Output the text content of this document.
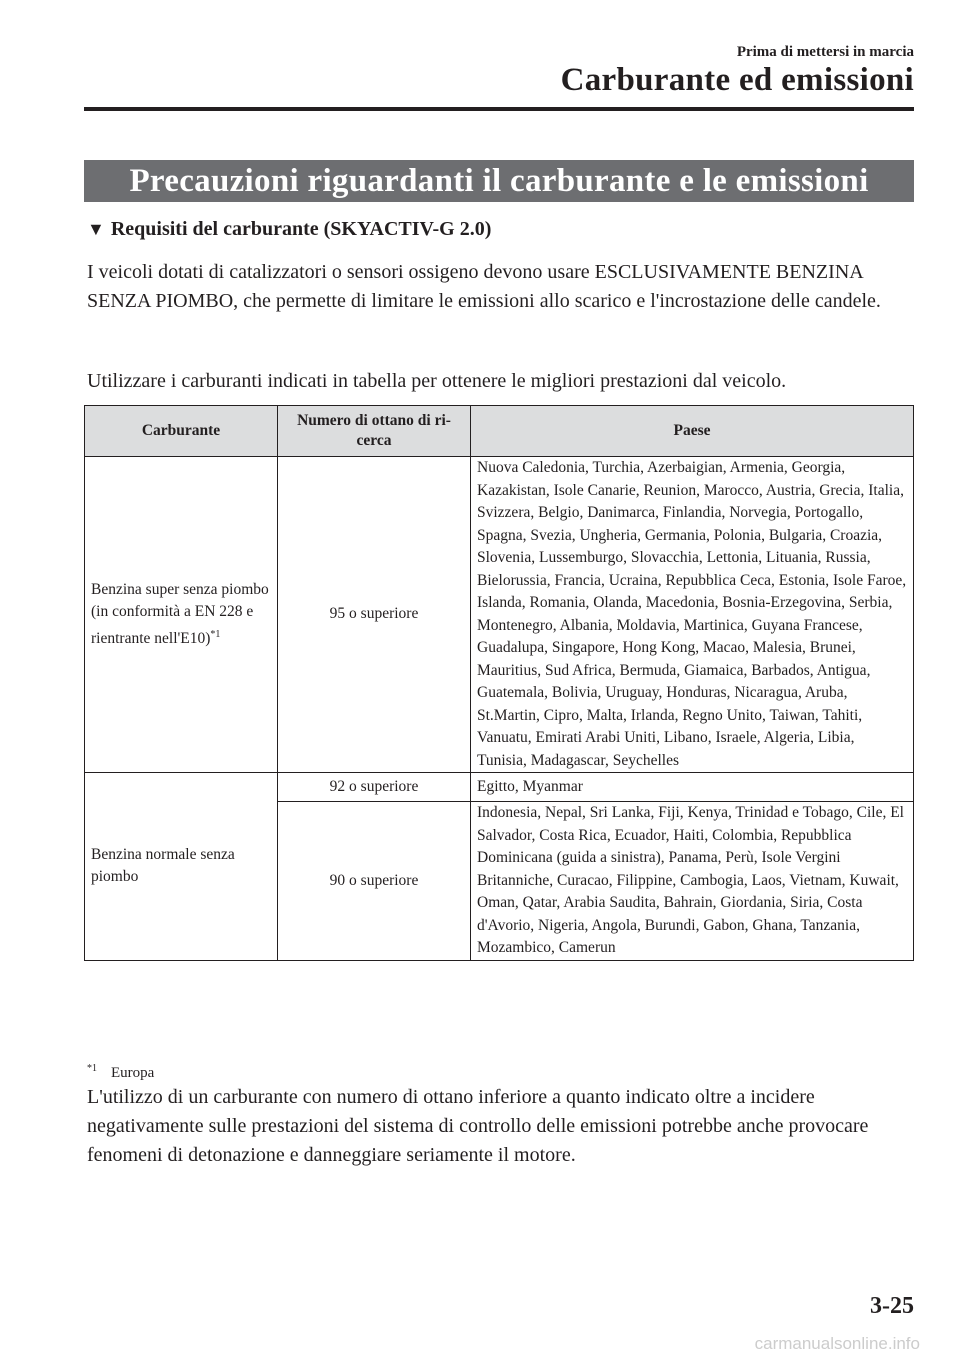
Prima di mettersi in marcia
Carburante ed emissioni
Precauzioni riguardanti il carburante e le emissioni
▼ Requisiti del carburante (SKYACTIV-G 2.0)
I veicoli dotati di catalizzatori o sensori ossigeno devono usare ESCLUSIVAMENTE BENZINA SENZA PIOMBO, che permette di limitare le emissioni allo scarico e l'incrostazione delle candele.
Utilizzare i carburanti indicati in tabella per ottenere le migliori prestazioni dal veicolo.
Carburante	Numero di ottano di ri-cerca	Paese
Benzina super senza piombo (in conformità a EN 228 e rientrante nell'E10)$^{*1}$	95 o superiore	Nuova Caledonia, Turchia, Azerbaigian, Armenia, Georgia, Kazakistan, Isole Canarie, Reunion, Marocco, Austria, Grecia, Italia, Svizzera, Belgio, Danimarca, Finlandia, Norvegia, Portogallo, Spagna, Svezia, Ungheria, Germania, Polonia, Bulgaria, Croazia, Slovenia, Lussemburgo, Slovacchia, Lettonia, Lituania, Russia, Bielorussia, Francia, Ucraina, Repubblica Ceca, Estonia, Isole Faroe, Islanda, Romania, Olanda, Macedonia, Bosnia-Erzegovina, Serbia, Montenegro, Albania, Moldavia, Martinica, Guyana Francese, Guadalupa, Singapore, Hong Kong, Macao, Malesia, Brunei, Mauritius, Sud Africa, Bermuda, Giamaica, Barbados, Antigua, Guatemala, Bolivia, Uruguay, Honduras, Nicaragua, Aruba, St.Martin, Cipro, Malta, Irlanda, Regno Unito, Taiwan, Tahiti, Vanuatu, Emirati Arabi Uniti, Libano, Israele, Algeria, Libia, Tunisia, Madagascar, Seychelles
Benzina normale senza piombo	92 o superiore	Egitto, Myanmar
	90 o superiore	Indonesia, Nepal, Sri Lanka, Fiji, Kenya, Trinidad e Tobago, Cile, El Salvador, Costa Rica, Ecuador, Haiti, Colombia, Repubblica Dominicana (guida a sinistra), Panama, Perù, Isole Vergini Britanniche, Curacao, Filippine, Cambogia, Laos, Vietnam, Kuwait, Oman, Qatar, Arabia Saudita, Bahrain, Giordania, Siria, Costa d'Avorio, Nigeria, Angola, Burundi, Gabon, Ghana, Tanzania, Mozambico, Camerun
$^{*1}$ Europa
L'utilizzo di un carburante con numero di ottano inferiore a quanto indicato oltre a incidere negativamente sulle prestazioni del sistema di controllo delle emissioni potrebbe anche provocare fenomeni di detonazione e danneggiare seriamente il motore.
3-25
carmanualsonline.info
